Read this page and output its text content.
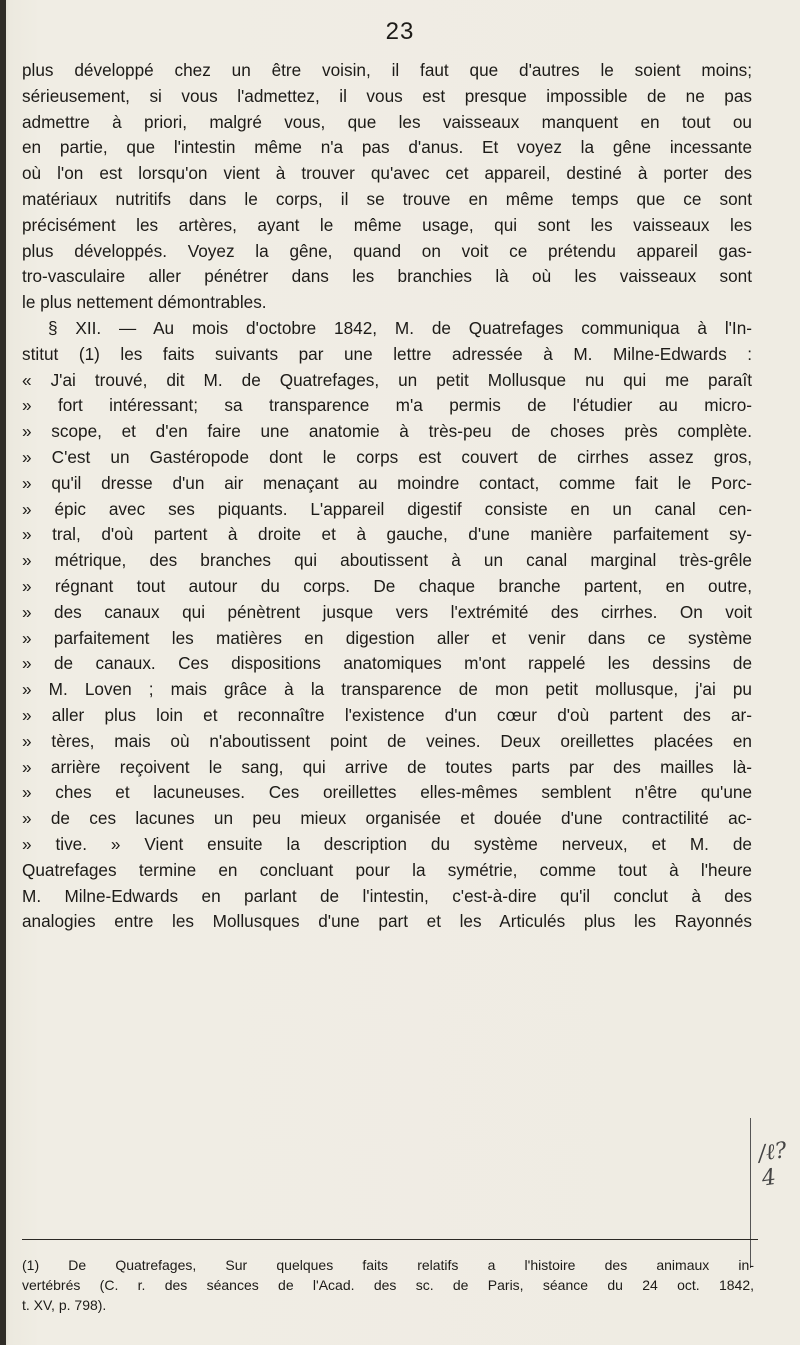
23
plus développé chez un être voisin, il faut que d'autres le soient moins;
sérieusement, si vous l'admettez, il vous est presque impossible de ne pas
admettre à priori, malgré vous, que les vaisseaux manquent en tout ou
en partie, que l'intestin même n'a pas d'anus. Et voyez la gêne incessante
où l'on est lorsqu'on vient à trouver qu'avec cet appareil, destiné à porter des
matériaux nutritifs dans le corps, il se trouve en même temps que ce sont
précisément les artères, ayant le même usage, qui sont les vaisseaux les
plus développés. Voyez la gêne, quand on voit ce prétendu appareil gas-
tro-vasculaire aller pénétrer dans les branchies là où les vaisseaux sont
le plus nettement démontrables.
§ XII. — Au mois d'octobre 1842, M. de Quatrefages communiqua à l'In-
stitut (1) les faits suivants par une lettre adressée à M. Milne-Edwards :
« J'ai trouvé, dit M. de Quatrefages, un petit Mollusque nu qui me paraît
» fort intéressant; sa transparence m'a permis de l'étudier au micro-
» scope, et d'en faire une anatomie à très-peu de choses près complète.
» C'est un Gastéropode dont le corps est couvert de cirrhes assez gros,
» qu'il dresse d'un air menaçant au moindre contact, comme fait le Porc-
» épic avec ses piquants. L'appareil digestif consiste en un canal cen-
» tral, d'où partent à droite et à gauche, d'une manière parfaitement sy-
» métrique, des branches qui aboutissent à un canal marginal très-grêle
» régnant tout autour du corps. De chaque branche partent, en outre,
» des canaux qui pénètrent jusque vers l'extrémité des cirrhes. On voit
» parfaitement les matières en digestion aller et venir dans ce système
» de canaux. Ces dispositions anatomiques m'ont rappelé les dessins de
» M. Loven ; mais grâce à la transparence de mon petit mollusque, j'ai pu
» aller plus loin et reconnaître l'existence d'un cœur d'où partent des ar-
» tères, mais où n'aboutissent point de veines. Deux oreillettes placées en
» arrière reçoivent le sang, qui arrive de toutes parts par des mailles là-
» ches et lacuneuses. Ces oreillettes elles-mêmes semblent n'être qu'une
» de ces lacunes un peu mieux organisée et douée d'une contractilité ac-
» tive. » Vient ensuite la description du système nerveux, et M. de
Quatrefages termine en concluant pour la symétrie, comme tout à l'heure
M. Milne-Edwards en parlant de l'intestin, c'est-à-dire qu'il conclut à des
analogies entre les Mollusques d'une part et les Articulés plus les Rayonnés
/ℓ?4
(1) De Quatrefages, Sur quelques faits relatifs a l'histoire des animaux in-
vertébrés (C. r. des séances de l'Acad. des sc. de Paris, séance du 24 oct. 1842,
t. XV, p. 798).
